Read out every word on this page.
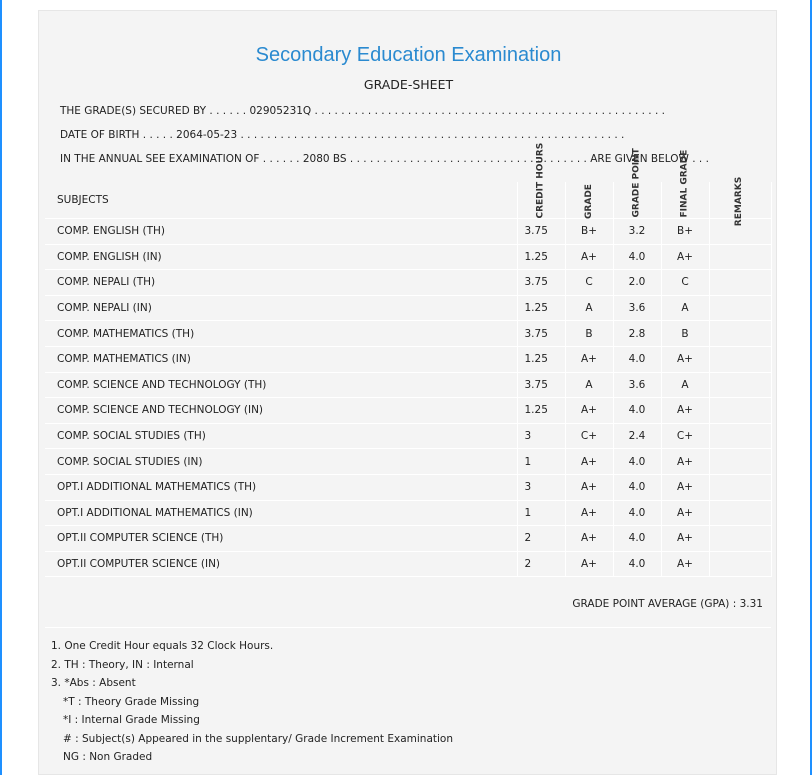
Secondary Education Examination
GRADE-SHEET
THE GRADE(S) SECURED BY . . . . . . 02905231Q . . . . . . . . . . . . . . . . . . . . . . . . . . . . . . . . . . . . . . . . . . . . . . . . . . . . .
DATE OF BIRTH . . . . . 2064-05-23 . . . . . . . . . . . . . . . . . . . . . . . . . . . . . . . . . . . . . . . . . . . . . . . . . . . . . . . . . .
IN THE ANNUAL SEE EXAMINATION OF . . . . . . 2080 BS . . . . . . . . . . . . . . . . . . . . . . . . . . . . . . . . . . . . ARE GIVEN BELOW . . .
SUBJECTS	CREDIT HOURS	GRADE	GRADE POINT	FINAL GRADE	REMARKS
COMP. ENGLISH (TH)	3.75	B+	3.2	B+	
COMP. ENGLISH (IN)	1.25	A+	4.0	A+	
COMP. NEPALI (TH)	3.75	C	2.0	C	
COMP. NEPALI (IN)	1.25	A	3.6	A	
COMP. MATHEMATICS (TH)	3.75	B	2.8	B	
COMP. MATHEMATICS (IN)	1.25	A+	4.0	A+	
COMP. SCIENCE AND TECHNOLOGY (TH)	3.75	A	3.6	A	
COMP. SCIENCE AND TECHNOLOGY (IN)	1.25	A+	4.0	A+	
COMP. SOCIAL STUDIES (TH)	3	C+	2.4	C+	
COMP. SOCIAL STUDIES (IN)	1	A+	4.0	A+	
OPT.I ADDITIONAL MATHEMATICS (TH)	3	A+	4.0	A+	
OPT.I ADDITIONAL MATHEMATICS (IN)	1	A+	4.0	A+	
OPT.II COMPUTER SCIENCE (TH)	2	A+	4.0	A+	
OPT.II COMPUTER SCIENCE (IN)	2	A+	4.0	A+	
GRADE POINT AVERAGE (GPA) : 3.31
1. One Credit Hour equals 32 Clock Hours.
2. TH : Theory, IN : Internal
3. *Abs : Absent
*T : Theory Grade Missing
*I : Internal Grade Missing
# : Subject(s) Appeared in the supplentary/ Grade Increment Examination
NG : Non Graded
